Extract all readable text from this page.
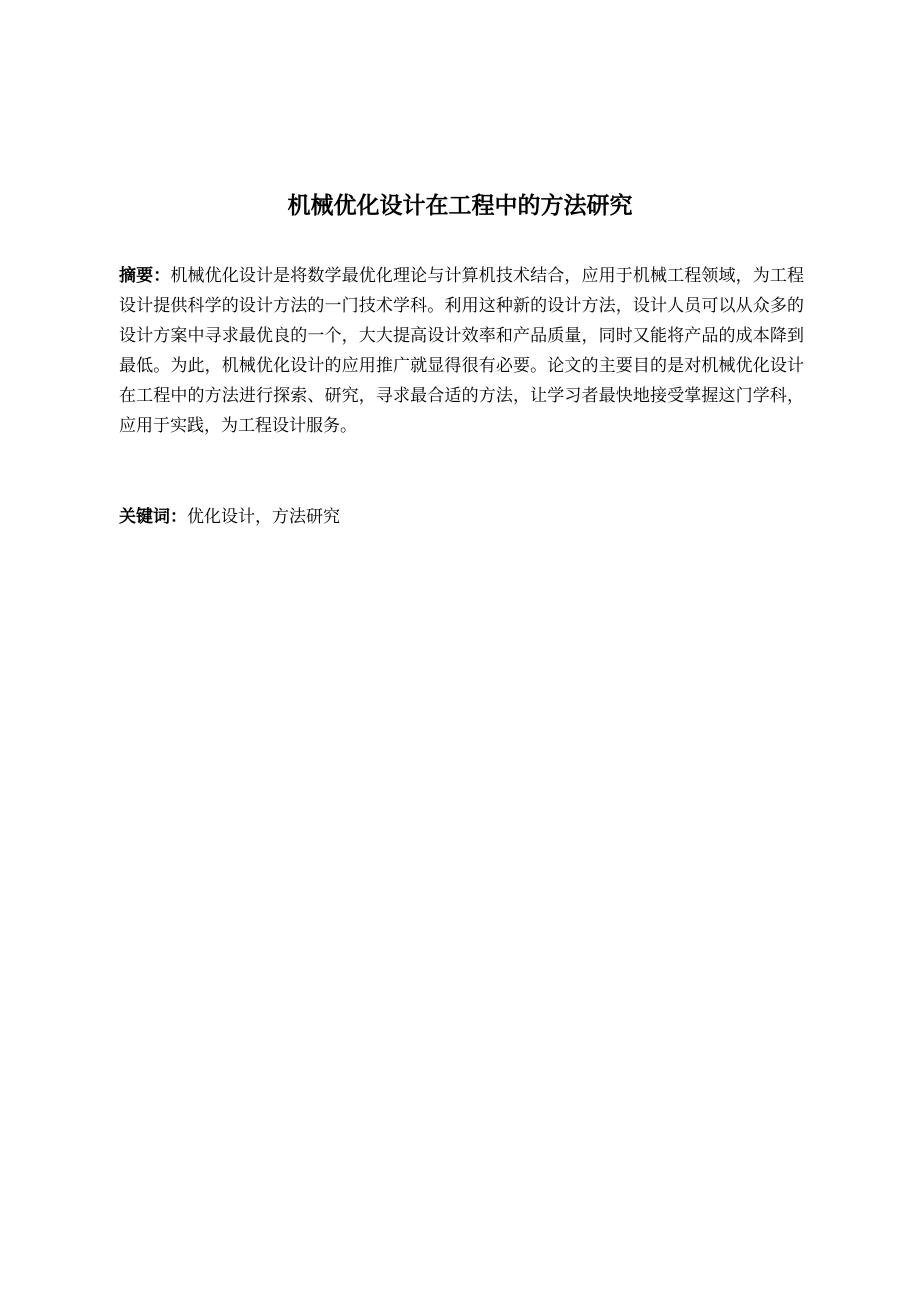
机械优化设计在工程中的方法研究

摘要：机械优化设计是将数学最优化理论与计算机技术结合，应用于机械工程领域，为工程设计提供科学的设计方法的一门技术学科。利用这种新的设计方法，设计人员可以从众多的设计方案中寻求最优良的一个，大大提高设计效率和产品质量，同时又能将产品的成本降到最低。为此，机械优化设计的应用推广就显得很有必要。论文的主要目的是对机械优化设计在工程中的方法进行探索、研究，寻求最合适的方法，让学习者最快地接受掌握这门学科，应用于实践，为工程设计服务。

关键词：优化设计，方法研究
